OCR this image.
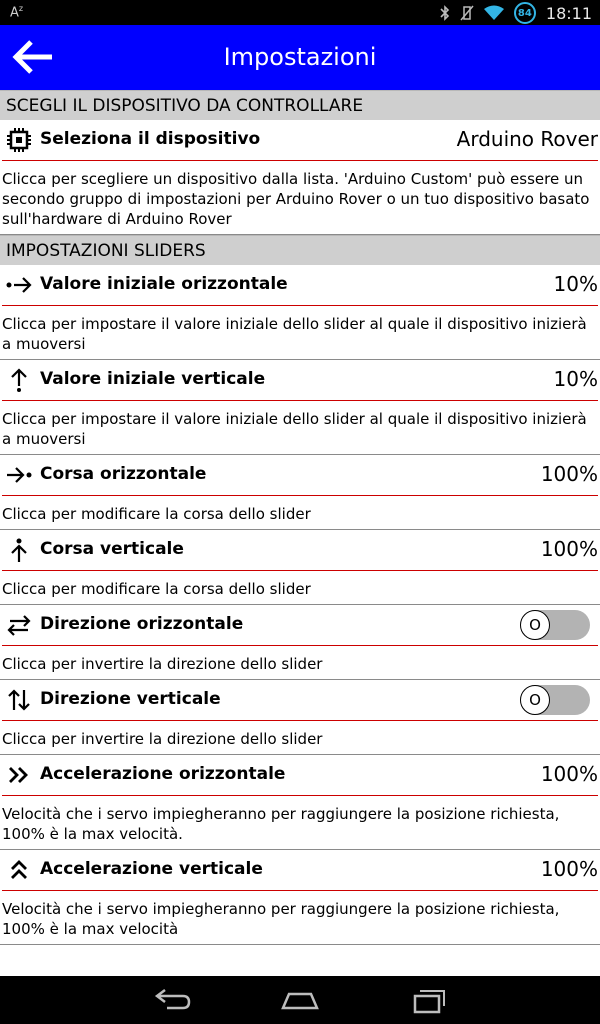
$A^z$	84 18:11
Impostazioni
SCEGLI IL DISPOSITIVO DA CONTROLLARE
Seleziona il dispositivo	Arduino Rover
Clicca per scegliere un dispositivo dalla lista. 'Arduino Custom' può essere un secondo gruppo di impostazioni per Arduino Rover o un tuo dispositivo basato sull'hardware di Arduino Rover
IMPOSTAZIONI SLIDERS
Valore iniziale orizzontale	10%
Clicca per impostare il valore iniziale dello slider al quale il dispositivo inizierà a muoversi
Valore iniziale verticale	10%
Clicca per impostare il valore iniziale dello slider al quale il dispositivo inizierà a muoversi
Corsa orizzontale	100%
Clicca per modificare la corsa dello slider
Corsa verticale	100%
Clicca per modificare la corsa dello slider
Direzione orizzontale	O
Clicca per invertire la direzione dello slider
Direzione verticale	O
Clicca per invertire la direzione dello slider
Accelerazione orizzontale	100%
Velocità che i servo impiegheranno per raggiungere la posizione richiesta, 100% è la max velocità.
Accelerazione verticale	100%
Velocità che i servo impiegheranno per raggiungere la posizione richiesta, 100% è la max velocità
